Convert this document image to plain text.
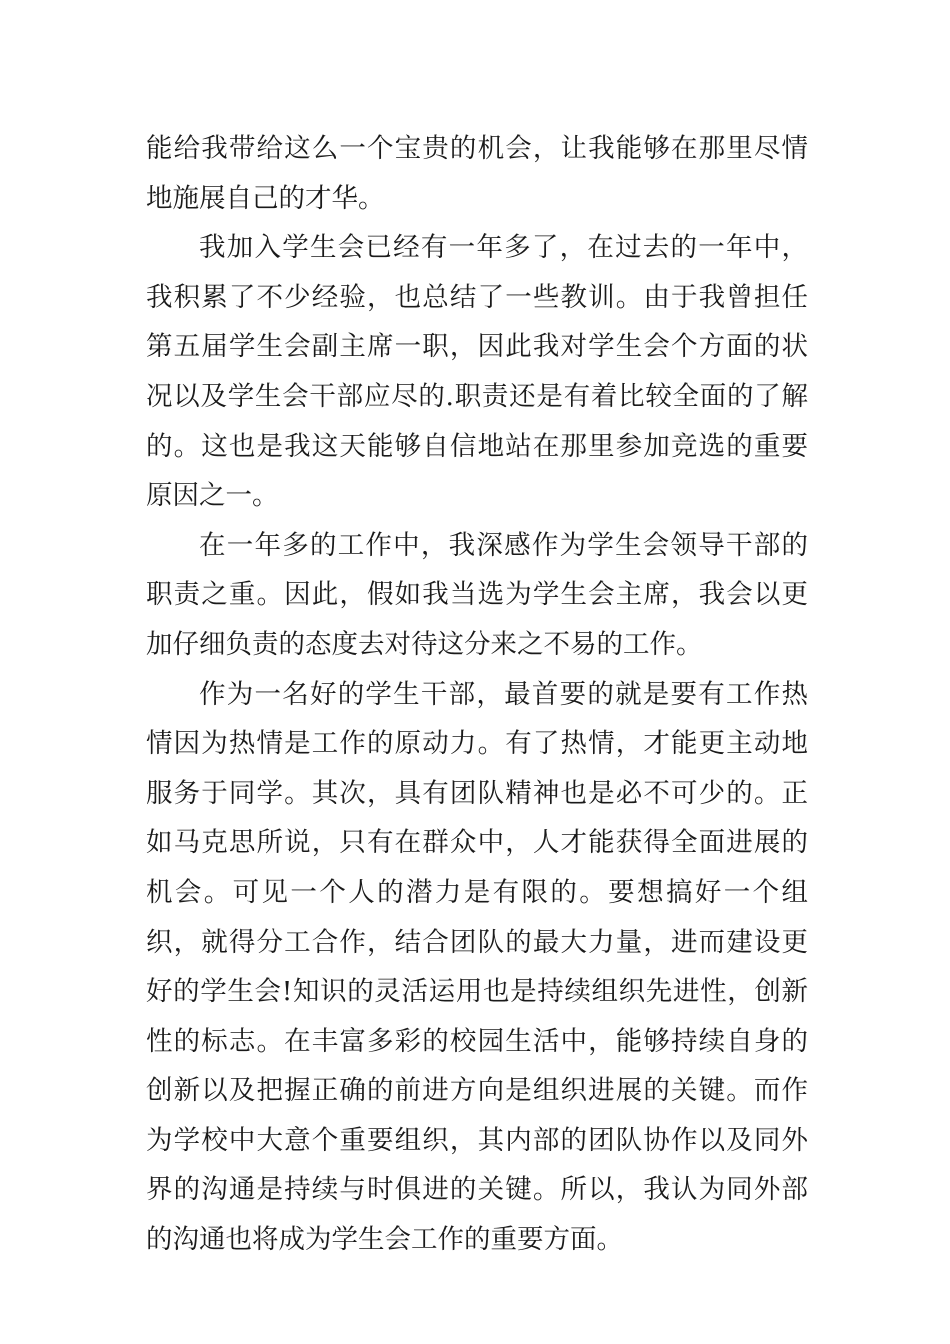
能给我带给这么一个宝贵的机会，让我能够在那里尽情地施展自己的才华。

我加入学生会已经有一年多了，在过去的一年中，我积累了不少经验，也总结了一些教训。由于我曾担任第五届学生会副主席一职，因此我对学生会个方面的状况以及学生会干部应尽的.职责还是有着比较全面的了解的。这也是我这天能够自信地站在那里参加竞选的重要原因之一。

在一年多的工作中，我深感作为学生会领导干部的职责之重。因此，假如我当选为学生会主席，我会以更加仔细负责的态度去对待这分来之不易的工作。

作为一名好的学生干部，最首要的就是要有工作热情因为热情是工作的原动力。有了热情，才能更主动地服务于同学。其次，具有团队精神也是必不可少的。正如马克思所说，只有在群众中，人才能获得全面进展的机会。可见一个人的潜力是有限的。要想搞好一个组织，就得分工合作，结合团队的最大力量，进而建设更好的学生会!知识的灵活运用也是持续组织先进性，创新性的标志。在丰富多彩的校园生活中，能够持续自身的创新以及把握正确的前进方向是组织进展的关键。而作为学校中大意个重要组织，其内部的团队协作以及同外界的沟通是持续与时俱进的关键。所以，我认为同外部的沟通也将成为学生会工作的重要方面。
